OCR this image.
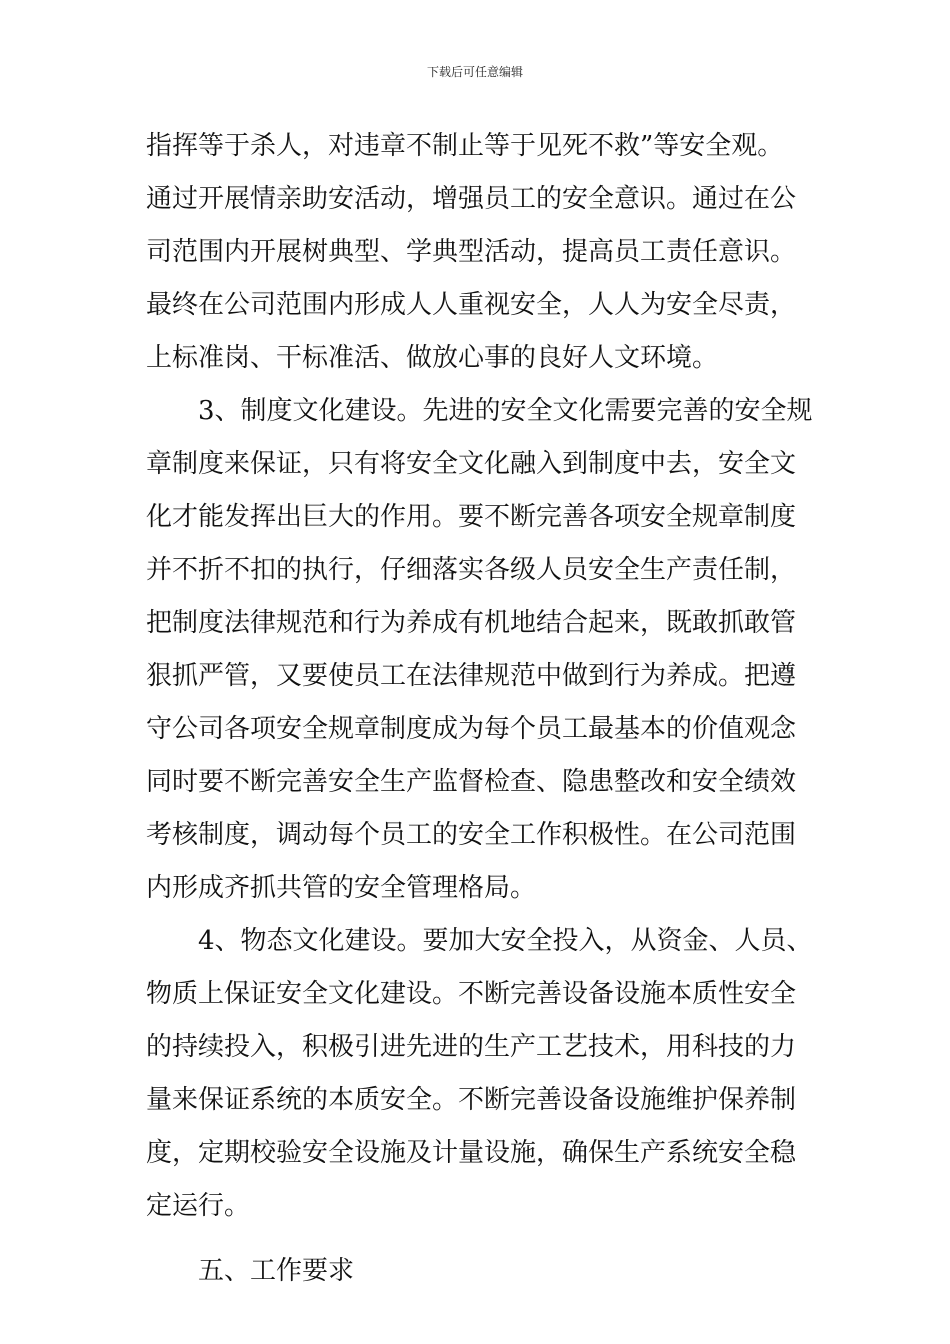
下载后可任意编辑
指挥等于杀人，对违章不制止等于见死不救”等安全观。
通过开展情亲助安活动，增强员工的安全意识。通过在公
司范围内开展树典型、学典型活动，提高员工责任意识。
最终在公司范围内形成人人重视安全，人人为安全尽责，
上标准岗、干标准活、做放心事的良好人文环境。
3、制度文化建设。先进的安全文化需要完善的安全规
章制度来保证，只有将安全文化融入到制度中去，安全文
化才能发挥出巨大的作用。要不断完善各项安全规章制度
并不折不扣的执行，仔细落实各级人员安全生产责任制，
把制度法律规范和行为养成有机地结合起来，既敢抓敢管
狠抓严管，又要使员工在法律规范中做到行为养成。把遵
守公司各项安全规章制度成为每个员工最基本的价值观念
同时要不断完善安全生产监督检查、隐患整改和安全绩效
考核制度，调动每个员工的安全工作积极性。在公司范围
内形成齐抓共管的安全管理格局。
4、物态文化建设。要加大安全投入，从资金、人员、
物质上保证安全文化建设。不断完善设备设施本质性安全
的持续投入，积极引进先进的生产工艺技术，用科技的力
量来保证系统的本质安全。不断完善设备设施维护保养制
度，定期校验安全设施及计量设施，确保生产系统安全稳
定运行。
五、工作要求
